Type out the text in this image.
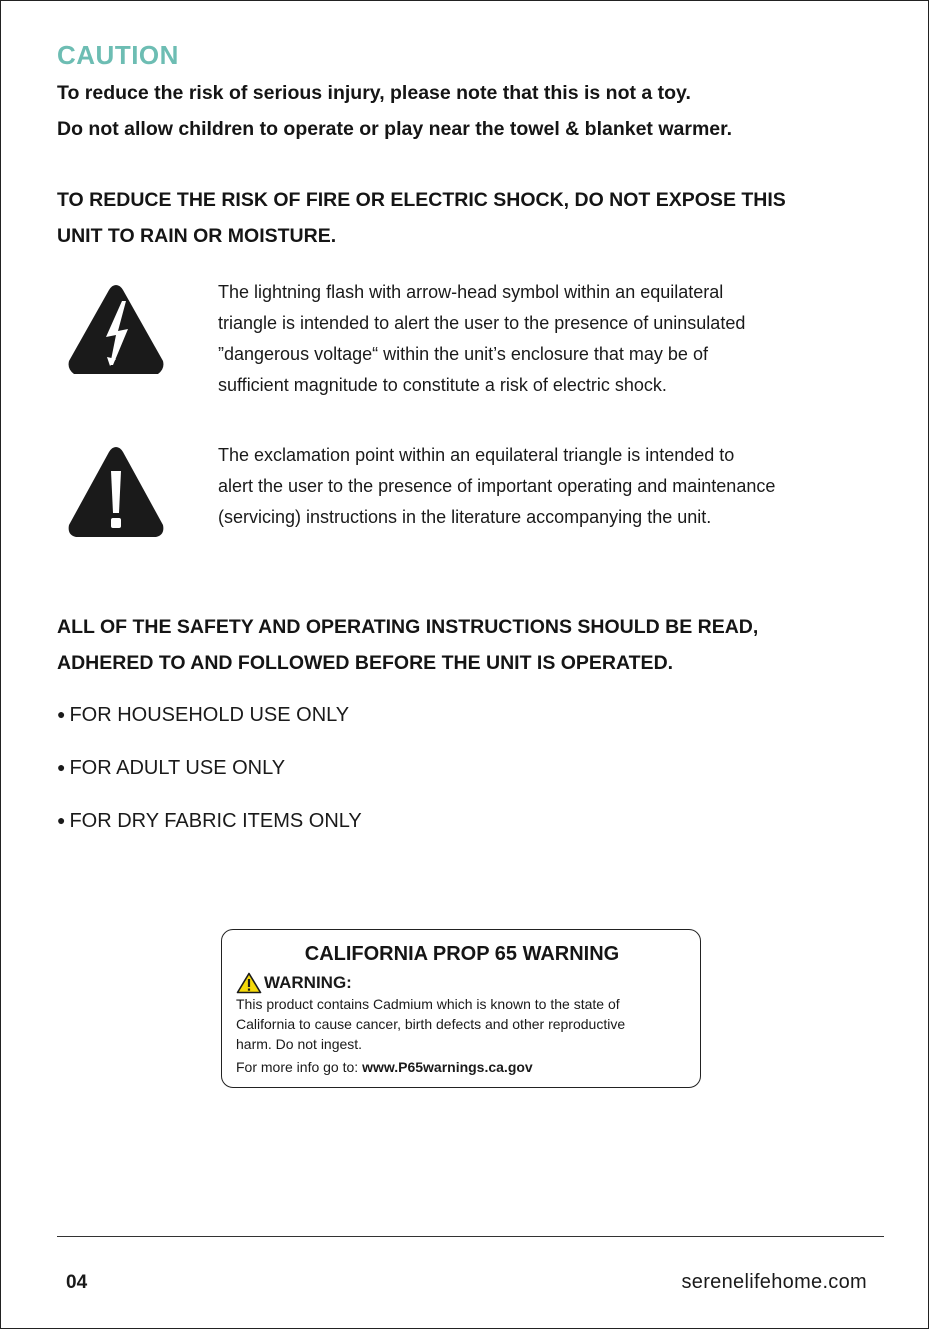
CAUTION
To reduce the risk of serious injury, please note that this is not a toy.
Do not allow children to operate or play near the towel & blanket warmer.
TO REDUCE THE RISK OF FIRE OR ELECTRIC SHOCK, DO NOT EXPOSE THIS
UNIT TO RAIN OR MOISTURE.
The lightning flash with arrow-head symbol within an equilateral
triangle is intended to alert the user to the presence of uninsulated
”dangerous voltage“ within the unit’s enclosure that may be of
sufficient magnitude to constitute a risk of electric shock.
The exclamation point within an equilateral triangle is intended to
alert the user to the presence of important operating and maintenance
(servicing) instructions in the literature accompanying the unit.
ALL OF THE SAFETY AND OPERATING INSTRUCTIONS SHOULD BE READ,
ADHERED TO AND FOLLOWED BEFORE THE UNIT IS OPERATED.
● FOR HOUSEHOLD USE ONLY
● FOR ADULT USE ONLY
● FOR DRY FABRIC ITEMS ONLY
CALIFORNIA PROP 65 WARNING
WARNING:
This product contains Cadmium which is known to the state of
California to cause cancer, birth defects and other reproductive
harm. Do not ingest.
For more info go to: www.P65warnings.ca.gov
04	serenelifehome.com
